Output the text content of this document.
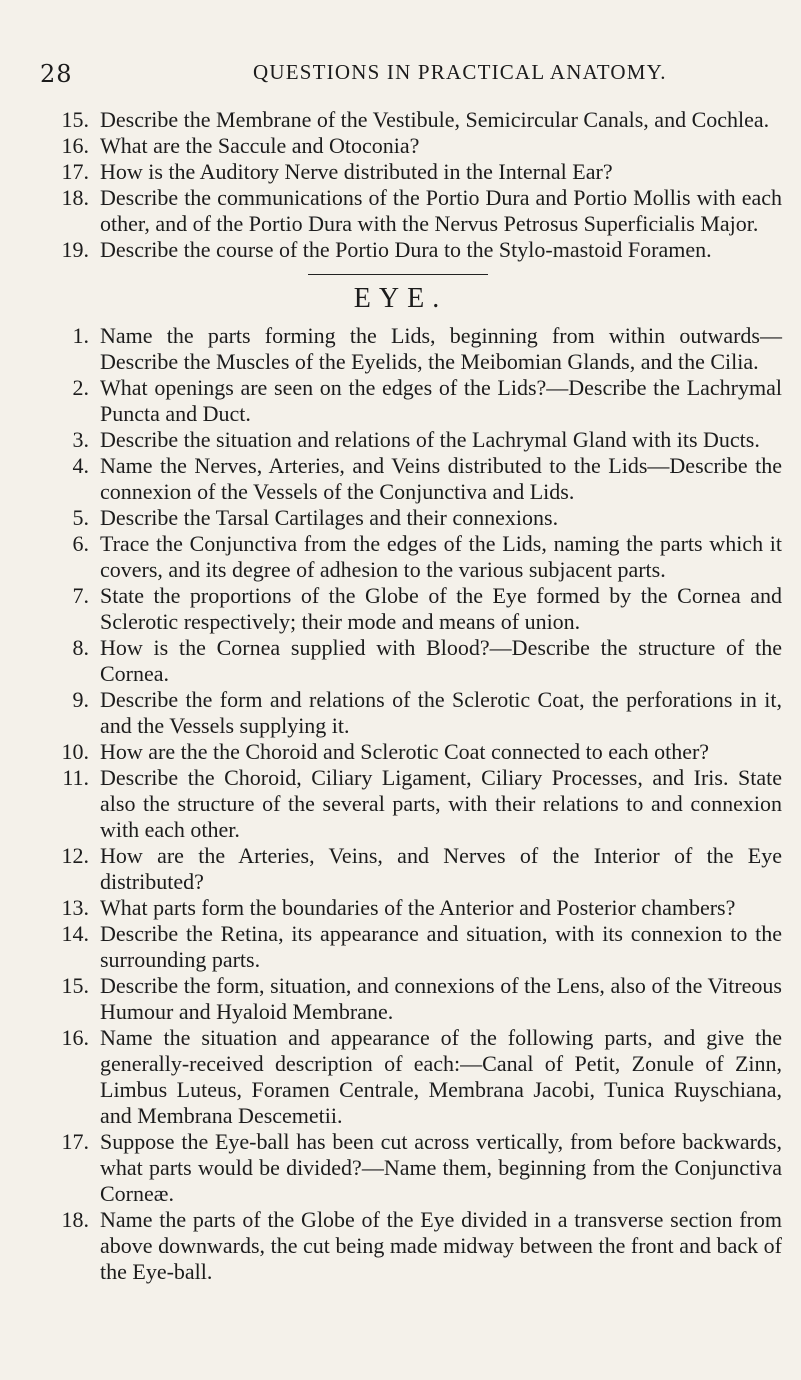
28	QUESTIONS IN PRACTICAL ANATOMY.
15. Describe the Membrane of the Vestibule, Semicircular Canals, and Cochlea.
16. What are the Saccule and Otoconia?
17. How is the Auditory Nerve distributed in the Internal Ear?
18. Describe the communications of the Portio Dura and Portio Mollis with each other, and of the Portio Dura with the Nervus Petrosus Superficialis Major.
19. Describe the course of the Portio Dura to the Stylo-mastoid Foramen.
EYE.
1. Name the parts forming the Lids, beginning from within outwards— Describe the Muscles of the Eyelids, the Meibomian Glands, and the Cilia.
2. What openings are seen on the edges of the Lids?—Describe the Lachrymal Puncta and Duct.
3. Describe the situation and relations of the Lachrymal Gland with its Ducts.
4. Name the Nerves, Arteries, and Veins distributed to the Lids—Describe the connexion of the Vessels of the Conjunctiva and Lids.
5. Describe the Tarsal Cartilages and their connexions.
6. Trace the Conjunctiva from the edges of the Lids, naming the parts which it covers, and its degree of adhesion to the various subjacent parts.
7. State the proportions of the Globe of the Eye formed by the Cornea and Sclerotic respectively; their mode and means of union.
8. How is the Cornea supplied with Blood?—Describe the structure of the Cornea.
9. Describe the form and relations of the Sclerotic Coat, the perforations in it, and the Vessels supplying it.
10. How are the the Choroid and Sclerotic Coat connected to each other?
11. Describe the Choroid, Ciliary Ligament, Ciliary Processes, and Iris. State also the structure of the several parts, with their relations to and connexion with each other.
12. How are the Arteries, Veins, and Nerves of the Interior of the Eye distributed?
13. What parts form the boundaries of the Anterior and Posterior chambers?
14. Describe the Retina, its appearance and situation, with its connexion to the surrounding parts.
15. Describe the form, situation, and connexions of the Lens, also of the Vitreous Humour and Hyaloid Membrane.
16. Name the situation and appearance of the following parts, and give the generally-received description of each:—Canal of Petit, Zonule of Zinn, Limbus Luteus, Foramen Centrale, Membrana Jacobi, Tunica Ruyschiana, and Membrana Descemetii.
17. Suppose the Eye-ball has been cut across vertically, from before backwards, what parts would be divided?—Name them, beginning from the Conjunctiva Corneæ.
18. Name the parts of the Globe of the Eye divided in a transverse section from above downwards, the cut being made midway between the front and back of the Eye-ball.
